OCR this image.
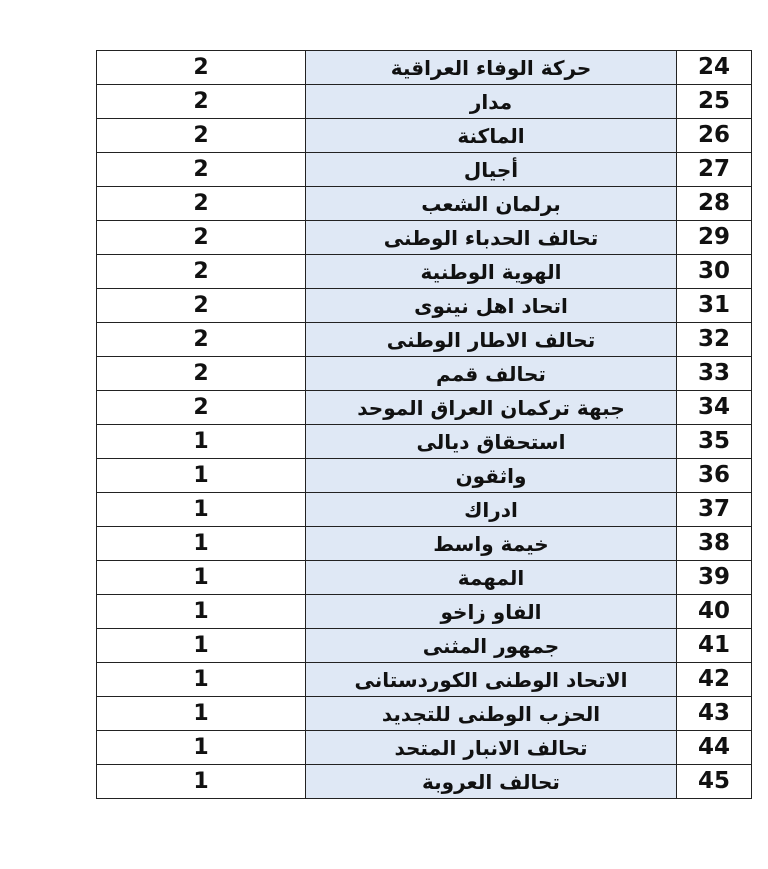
2	حركة الوفاء العراقية	24
2	مدار	25
2	الماكنة	26
2	أجيال	27
2	برلمان الشعب	28
2	تحالف الحدباء الوطنى	29
2	الهوية الوطنية	30
2	اتحاد اهل نينوى	31
2	تحالف الاطار الوطنى	32
2	تحالف قمم	33
2	جبهة تركمان العراق الموحد	34
1	استحقاق ديالى	35
1	واثقون	36
1	ادراك	37
1	خيمة واسط	38
1	المهمة	39
1	الفاو زاخو	40
1	جمهور المثنى	41
1	الاتحاد الوطنى الكوردستانى	42
1	الحزب الوطنى للتجديد	43
1	تحالف الانبار المتحد	44
1	تحالف العروبة	45
